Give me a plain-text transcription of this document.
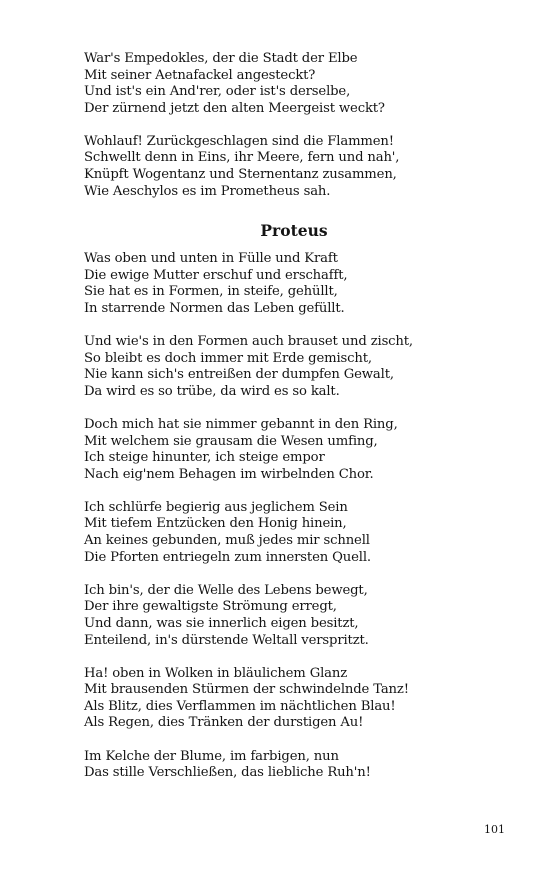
War's Empedokles, der die Stadt der Elbe
Mit seiner Aetnafackel angesteckt?
Und ist's ein And'rer, oder ist's derselbe,
Der zürnend jetzt den alten Meergeist weckt?
Wohlauf! Zurückgeschlagen sind die Flammen!
Schwellt denn in Eins, ihr Meere, fern und nah',
Knüpft Wogentanz und Sternentanz zusammen,
Wie Aeschylos es im Prometheus sah.
Proteus
Was oben und unten in Fülle und Kraft
Die ewige Mutter erschuf und erschafft,
Sie hat es in Formen, in steife, gehüllt,
In starrende Normen das Leben gefüllt.
Und wie's in den Formen auch brauset und zischt,
So bleibt es doch immer mit Erde gemischt,
Nie kann sich's entreißen der dumpfen Gewalt,
Da wird es so trübe, da wird es so kalt.
Doch mich hat sie nimmer gebannt in den Ring,
Mit welchem sie grausam die Wesen umfing,
Ich steige hinunter, ich steige empor
Nach eig'nem Behagen im wirbelnden Chor.
Ich schlürfe begierig aus jeglichem Sein
Mit tiefem Entzücken den Honig hinein,
An keines gebunden, muß jedes mir schnell
Die Pforten entriegeln zum innersten Quell.
Ich bin's, der die Welle des Lebens bewegt,
Der ihre gewaltigste Strömung erregt,
Und dann, was sie innerlich eigen besitzt,
Enteilend, in's dürstende Weltall verspritzt.
Ha! oben in Wolken in bläulichem Glanz
Mit brausenden Stürmen der schwindelnde Tanz!
Als Blitz, dies Verflammen im nächtlichen Blau!
Als Regen, dies Tränken der durstigen Au!
Im Kelche der Blume, im farbigen, nun
Das stille Verschließen, das liebliche Ruh'n!
101
